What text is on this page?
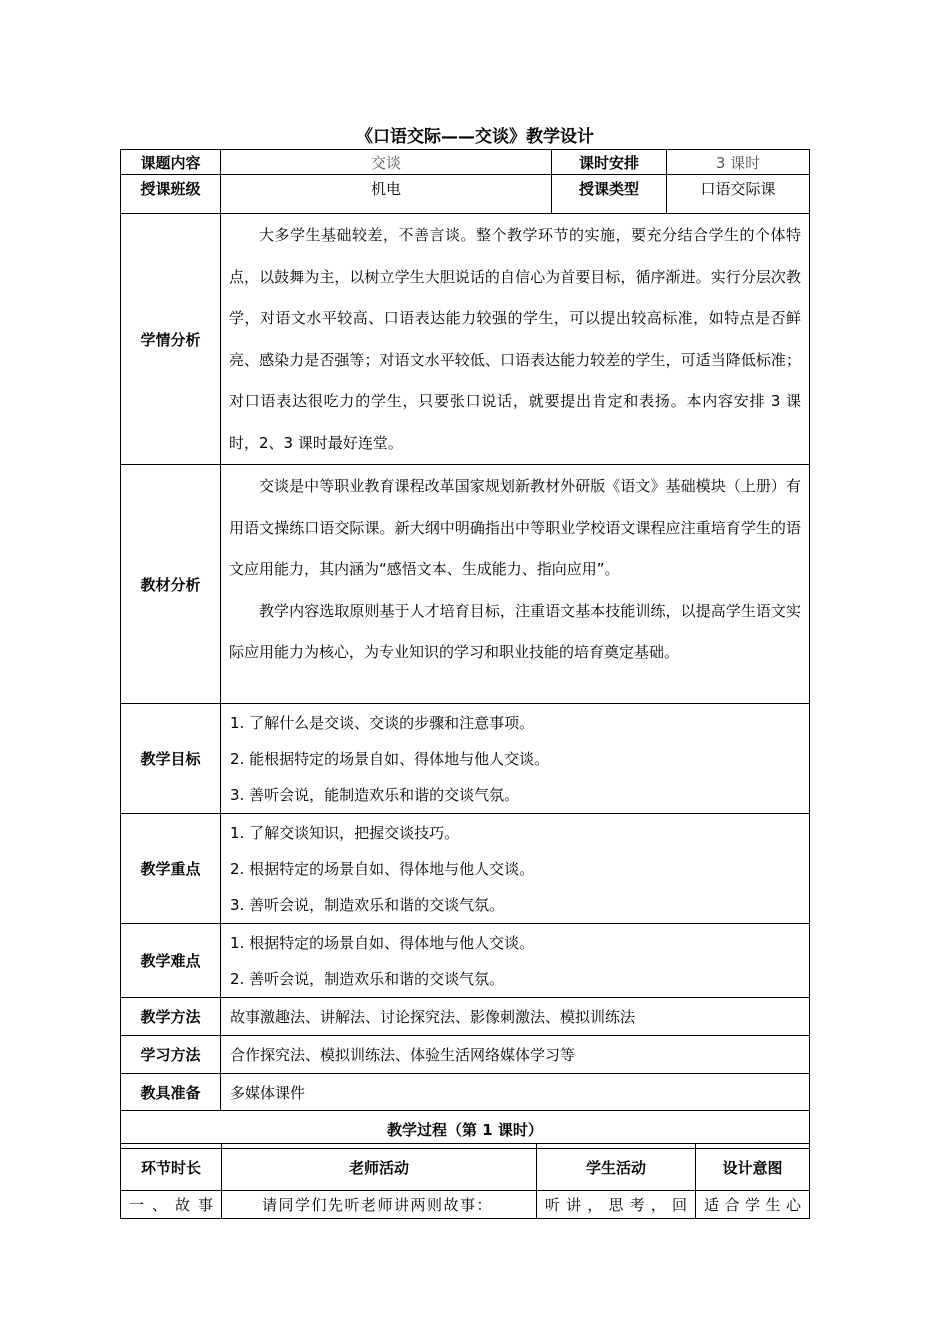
《口语交际——交谈》教学设计
课题内容	交谈	课时安排	3 课时
授课班级	机电	授课类型	口语交际课
学情分析	大多学生基础较差，不善言谈。整个教学环节的实施，要充分结合学生的个体特点，以鼓舞为主，以树立学生大胆说话的自信心为首要目标，循序渐进。实行分层次教学，对语文水平较高、口语表达能力较强的学生，可以提出较高标准，如特点是否鲜亮、感染力是否强等；对语文水平较低、口语表达能力较差的学生，可适当降低标准；对口语表达很吃力的学生，只要张口说话，就要提出肯定和表扬。本内容安排 3 课时，2、3 课时最好连堂。		

教材分析	交谈是中等职业教育课程改革国家规划新教材外研版《语文》基础模块（上册）有用语文操练口语交际课。新大纲中明确指出中等职业学校语文课程应注重培育学生的语文应用能力，其内涵为“感悟文本、生成能力、指向应用”。

教学内容选取原则基于人才培育目标，注重语文基本技能训练，以提高学生语文实际应用能力为核心，为专业知识的学习和职业技能的培育奠定基础。		

教学目标	1. 了解什么是交谈、交谈的步骤和注意事项。
2. 能根据特定的场景自如、得体地与他人交谈。
3. 善听会说，能制造欢乐和谐的交谈气氛。		

教学重点	1. 了解交谈知识，把握交谈技巧。
2. 根据特定的场景自如、得体地与他人交谈。
3. 善听会说，制造欢乐和谐的交谈气氛。		

教学难点	1. 根据特定的场景自如、得体地与他人交谈。
2. 善听会说，制造欢乐和谐的交谈气氛。		

教学方法	故事激趣法、讲解法、讨论探究法、影像刺激法、模拟训练法		
学习方法	合作探究法、模拟训练法、体验生活网络媒体学习等		
教具准备	多媒体课件		
教学过程（第 1 课时）			
环节时长	老师活动	学生活动	设计意图
一 、 故 事	请同学们先听老师讲两则故事：	听 讲 ， 思 考 ， 回	适 合 学 生 心
